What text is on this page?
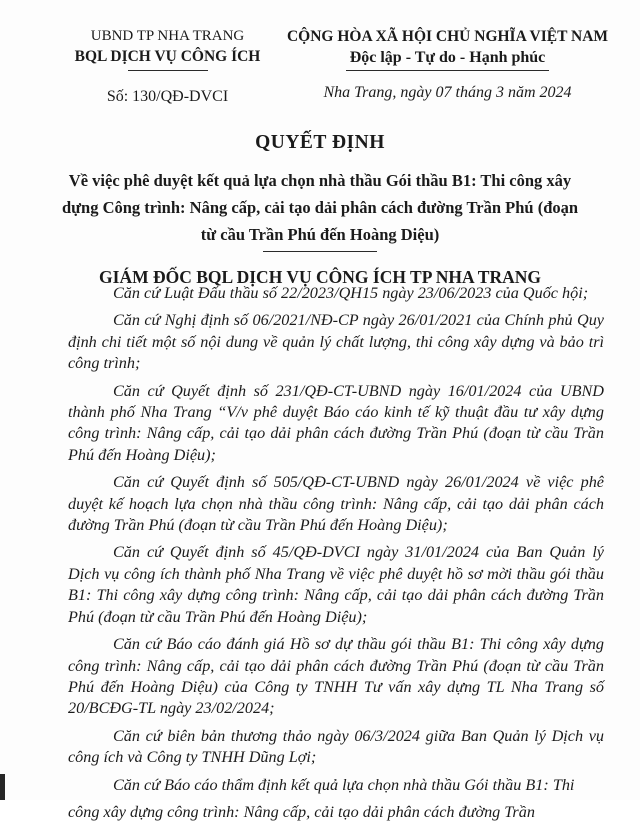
UBND TP NHA TRANG
BQL DỊCH VỤ CÔNG ÍCH
Số: 130/QĐ-DVCI
CỘNG HÒA XÃ HỘI CHỦ NGHĨA VIỆT NAM
Độc lập - Tự do - Hạnh phúc
Nha Trang, ngày 07 tháng 3 năm 2024
QUYẾT ĐỊNH
Về việc phê duyệt kết quả lựa chọn nhà thầu Gói thầu B1: Thi công xây dựng Công trình: Nâng cấp, cải tạo dải phân cách đường Trần Phú (đoạn từ cầu Trần Phú đến Hoàng Diệu)
GIÁM ĐỐC BQL DỊCH VỤ CÔNG ÍCH TP NHA TRANG

Căn cứ Luật Đấu thầu số 22/2023/QH15 ngày 23/06/2023 của Quốc hội;

Căn cứ Nghị định số 06/2021/NĐ-CP ngày 26/01/2021 của Chính phủ Quy định chi tiết một số nội dung về quản lý chất lượng, thi công xây dựng và bảo trì công trình;

Căn cứ Quyết định số 231/QĐ-CT-UBND ngày 16/01/2024 của UBND thành phố Nha Trang “V/v phê duyệt Báo cáo kinh tế kỹ thuật đầu tư xây dựng công trình: Nâng cấp, cải tạo dải phân cách đường Trần Phú (đoạn từ cầu Trần Phú đến Hoàng Diệu);

Căn cứ Quyết định số 505/QĐ-CT-UBND ngày 26/01/2024 về việc phê duyệt kế hoạch lựa chọn nhà thầu công trình: Nâng cấp, cải tạo dải phân cách đường Trần Phú (đoạn từ cầu Trần Phú đến Hoàng Diệu);

Căn cứ Quyết định số 45/QĐ-DVCI ngày 31/01/2024 của Ban Quản lý Dịch vụ công ích thành phố Nha Trang về việc phê duyệt hồ sơ mời thầu gói thầu B1: Thi công xây dựng công trình: Nâng cấp, cải tạo dải phân cách đường Trần Phú (đoạn từ cầu Trần Phú đến Hoàng Diệu);

Căn cứ Báo cáo đánh giá Hồ sơ dự thầu gói thầu B1: Thi công xây dựng công trình: Nâng cấp, cải tạo dải phân cách đường Trần Phú (đoạn từ cầu Trần Phú đến Hoàng Diệu) của Công ty TNHH Tư vấn xây dựng TL Nha Trang số 20/BCĐG-TL ngày 23/02/2024;

Căn cứ biên bản thương thảo ngày 06/3/2024 giữa Ban Quản lý Dịch vụ công ích và Công ty TNHH Dũng Lợi;

Căn cứ Báo cáo thẩm định kết quả lựa chọn nhà thầu Gói thầu B1: Thi

công xây dựng công trình: Nâng cấp, cải tạo dải phân cách đường Trần
